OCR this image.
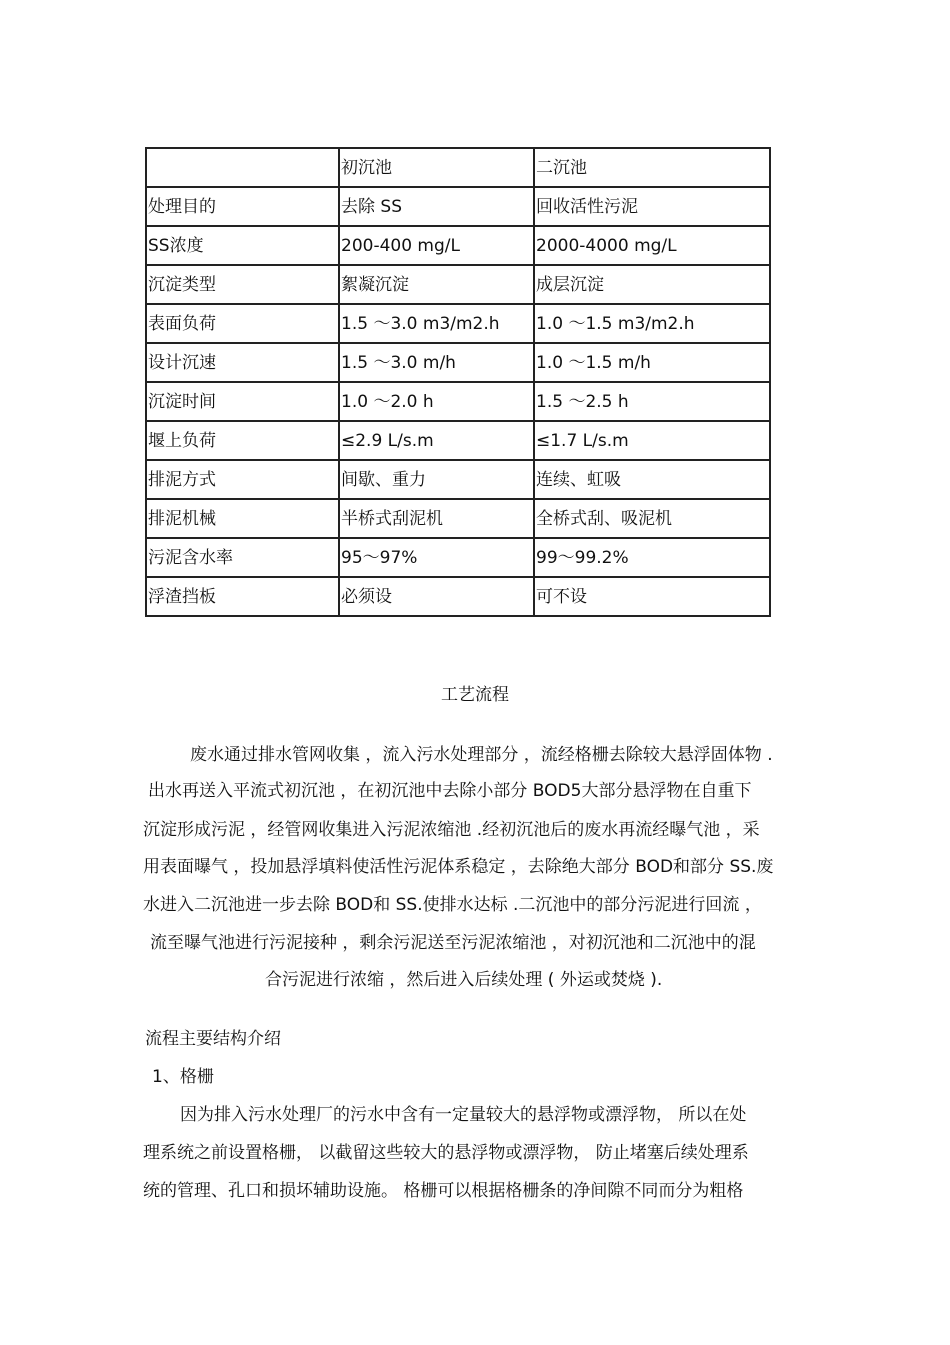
	初沉池	二沉池
处理目的	去除 SS	回收活性污泥
SS浓度	200-400 mg/L	2000-4000 mg/L
沉淀类型	絮凝沉淀	成层沉淀
表面负荷	1.5 ～3.0 m3/m2.h	1.0 ～1.5 m3/m2.h
设计沉速	1.5 ～3.0 m/h	1.0 ～1.5 m/h
沉淀时间	1.0 ～2.0 h	1.5 ～2.5 h
堰上负荷	≤2.9 L/s.m	≤1.7 L/s.m
排泥方式	间歇、重力	连续、虹吸
排泥机械	半桥式刮泥机	全桥式刮、吸泥机
污泥含水率	95～97%	99～99.2%
浮渣挡板	必须设	可不设
工艺流程
废水通过排水管网收集 ，流入污水处理部分 ，流经格栅去除较大悬浮固体物 .
出水再送入平流式初沉池 ，在初沉池中去除小部分 BOD5大部分悬浮物在自重下
沉淀形成污泥 ，经管网收集进入污泥浓缩池 .经初沉池后的废水再流经曝气池 ，采
用表面曝气 ，投加悬浮填料使活性污泥体系稳定 ，去除绝大部分 BOD和部分 SS.废
水进入二沉池进一步去除 BOD和 SS.使排水达标 .二沉池中的部分污泥进行回流 ，
流至曝气池进行污泥接种 ，剩余污泥送至污泥浓缩池 ，对初沉池和二沉池中的混
合污泥进行浓缩 ，然后进入后续处理 ( 外运或焚烧 ).
流程主要结构介绍
1、格栅
因为排入污水处理厂的污水中含有一定量较大的悬浮物或漂浮物， 所以在处
理系统之前设置格栅， 以截留这些较大的悬浮物或漂浮物， 防止堵塞后续处理系
统的管理、孔口和损坏辅助设施。 格栅可以根据格栅条的净间隙不同而分为粗格
